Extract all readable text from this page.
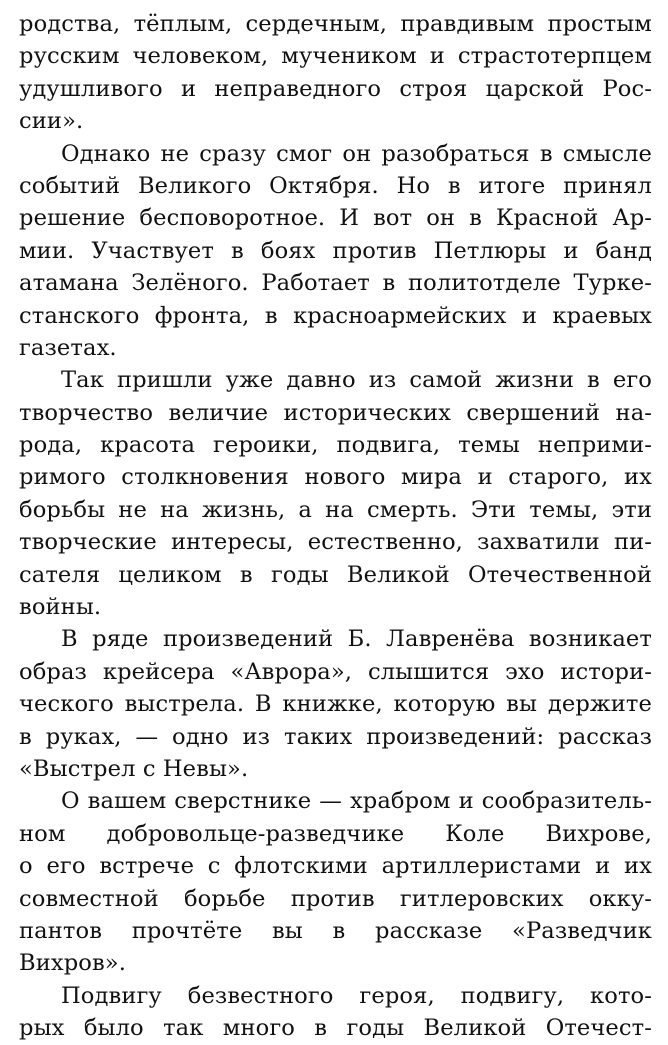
родства, тёплым, сердечным, правдивым простым
русским человеком, мучеником и страстотерпцем
удушливого и неправедного строя царской Рос-
сии».
Однако не сразу смог он разобраться в смысле
событий Великого Октября. Но в итоге принял
решение бесповоротное. И вот он в Красной Ар-
мии. Участвует в боях против Петлюры и банд
атамана Зелёного. Работает в политотделе Турке-
станского фронта, в красноармейских и краевых
газетах.
Так пришли уже давно из самой жизни в его
творчество величие исторических свершений на-
рода, красота героики, подвига, темы неприми-
римого столкновения нового мира и старого, их
борьбы не на жизнь, а на смерть. Эти темы, эти
творческие интересы, естественно, захватили пи-
сателя целиком в годы Великой Отечественной
войны.
В ряде произведений Б. Лавренёва возникает
образ крейсера «Аврора», слышится эхо истори-
ческого выстрела. В книжке, которую вы держите
в руках, — одно из таких произведений: рассказ
«Выстрел с Невы».
О вашем сверстнике — храбром и сообразитель-
ном добровольце-разведчике Коле Вихрове,
о его встрече с флотскими артиллеристами и их
совместной борьбе против гитлеровских окку-
пантов прочтёте вы в рассказе «Разведчик
Вихров».
Подвигу безвестного героя, подвигу, кото-
рых было так много в годы Великой Отечест-
